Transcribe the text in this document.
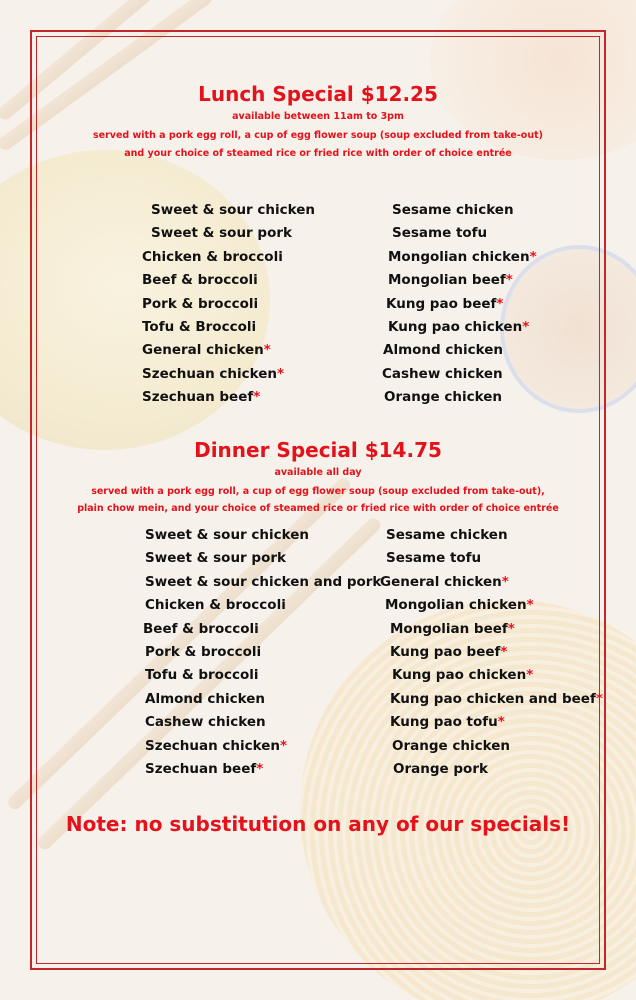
Lunch Special $12.25
available between 11am to 3pm
served with a pork egg roll, a cup of egg flower soup (soup excluded from take-out)
and your choice of steamed rice or fried rice with order of choice entrée
Sweet & sour chicken
Sweet & sour pork
Chicken & broccoli
Beef & broccoli
Pork & broccoli
Tofu & Broccoli
General chicken*
Szechuan chicken*
Szechuan beef*
Sesame chicken
Sesame tofu
Mongolian chicken*
Mongolian beef*
Kung pao beef*
Kung pao chicken*
Almond chicken
Cashew chicken
Orange chicken
Dinner Special $14.75
available all day
served with a pork egg roll, a cup of egg flower soup (soup excluded from take-out),
plain chow mein, and your choice of steamed rice or fried rice with order of choice entrée
Sweet & sour chicken
Sweet & sour pork
Sweet & sour chicken and pork
Chicken & broccoli
Beef & broccoli
Pork & broccoli
Tofu & broccoli
Almond chicken
Cashew chicken
Szechuan chicken*
Szechuan beef*
Sesame chicken
Sesame tofu
General chicken*
Mongolian chicken*
Mongolian beef*
Kung pao beef*
Kung pao chicken*
Kung pao chicken and beef*
Kung pao tofu*
Orange chicken
Orange pork
Note: no substitution on any of our specials!
